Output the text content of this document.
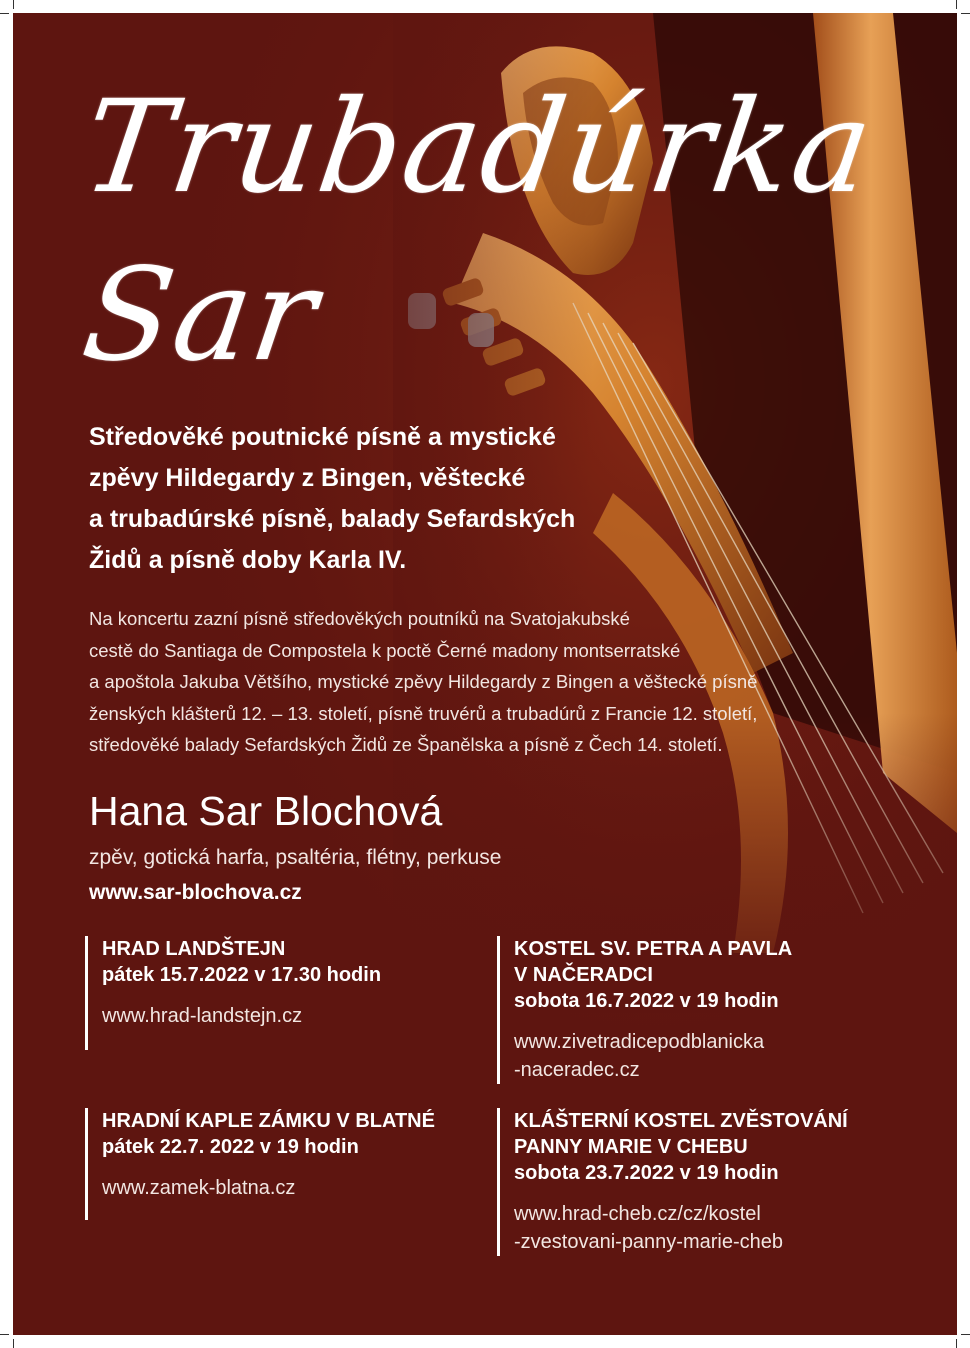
Trubadúrka
Sar
Středověké poutnické písně a mystické
zpěvy Hildegardy z Bingen, věštecké
a trubadúrské písně, balady Sefardských
Židů a písně doby Karla IV.
Na koncertu zazní písně středověkých poutníků na Svatojakubské
cestě do Santiaga de Compostela k poctě Černé madony montserratské
a apoštola Jakuba Většího, mystické zpěvy Hildegardy z Bingen a věštecké písně
ženských klášterů 12. – 13. století, písně truvérů a trubadúrů z Francie 12. století,
středověké balady Sefardských Židů ze Španělska a písně z Čech 14. století.
Hana Sar Blochová
zpěv, gotická harfa, psaltéria, flétny, perkuse
www.sar-blochova.cz
HRAD LANDŠTEJN
pátek 15.7.2022 v 17.30 hodin
www.hrad-landstejn.cz
KOSTEL SV. PETRA A PAVLA
V NAČERADCI
sobota 16.7.2022 v 19 hodin
www.zivetradicepodblanicka
-naceradec.cz
HRADNÍ KAPLE ZÁMKU V BLATNÉ
pátek 22.7. 2022 v 19 hodin
www.zamek-blatna.cz
KLÁŠTERNÍ KOSTEL ZVĚSTOVÁNÍ
PANNY MARIE V CHEBU
sobota 23.7.2022 v 19 hodin
www.hrad-cheb.cz/cz/kostel
-zvestovani-panny-marie-cheb
